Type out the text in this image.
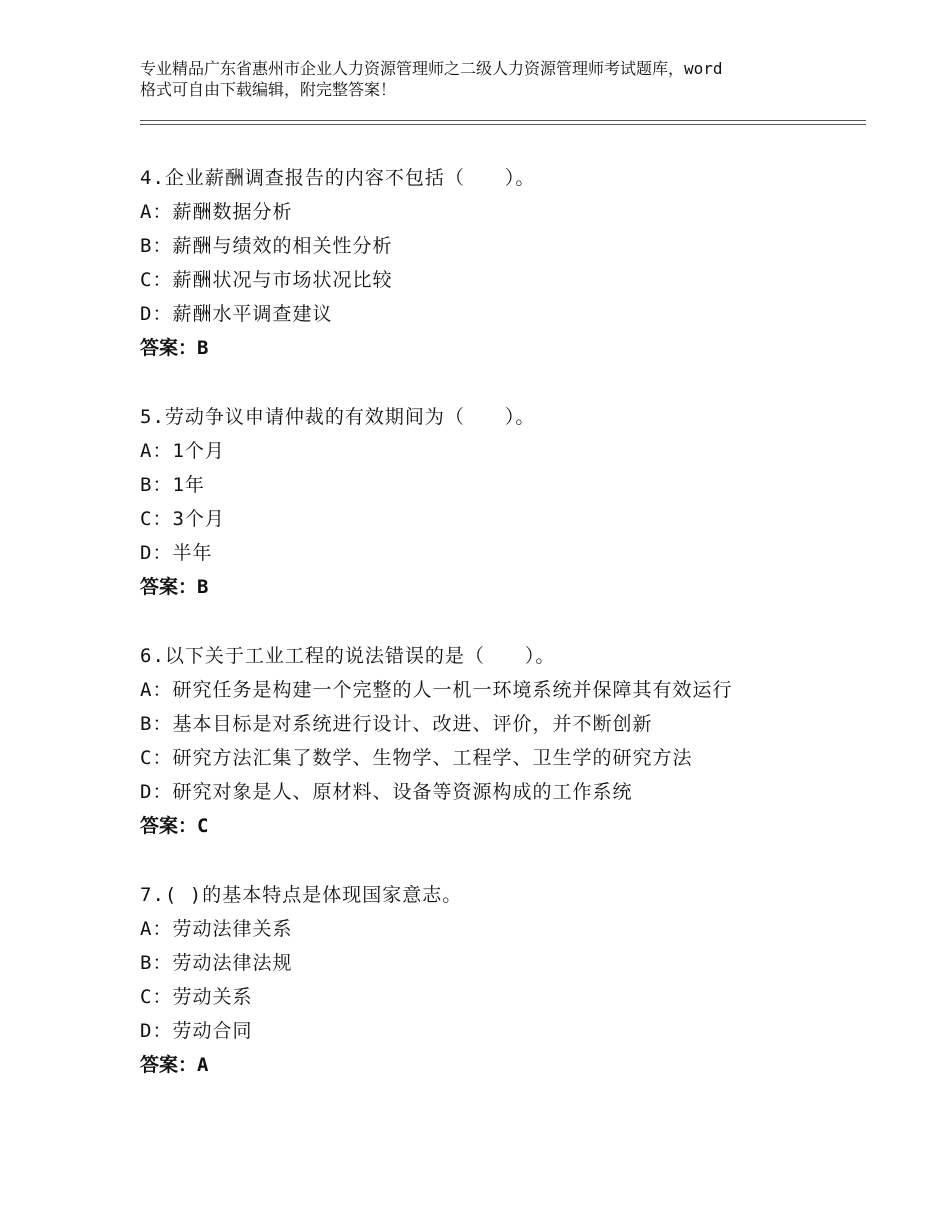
专业精品广东省惠州市企业人力资源管理师之二级人力资源管理师考试题库，word
格式可自由下载编辑，附完整答案！
4.企业薪酬调查报告的内容不包括（　　）。
A：薪酬数据分析
B：薪酬与绩效的相关性分析
C：薪酬状况与市场状况比较
D：薪酬水平调查建议
答案：B
5.劳动争议申请仲裁的有效期间为（　　）。
A：1个月
B：1年
C：3个月
D：半年
答案：B
6.以下关于工业工程的说法错误的是（　　）。
A：研究任务是构建一个完整的人一机一环境系统并保障其有效运行
B：基本目标是对系统进行设计、改进、评价，并不断创新
C：研究方法汇集了数学、生物学、工程学、卫生学的研究方法
D：研究对象是人、原材料、设备等资源构成的工作系统
答案：C
7.( )的基本特点是体现国家意志。
A：劳动法律关系
B：劳动法律法规
C：劳动关系
D：劳动合同
答案：A
